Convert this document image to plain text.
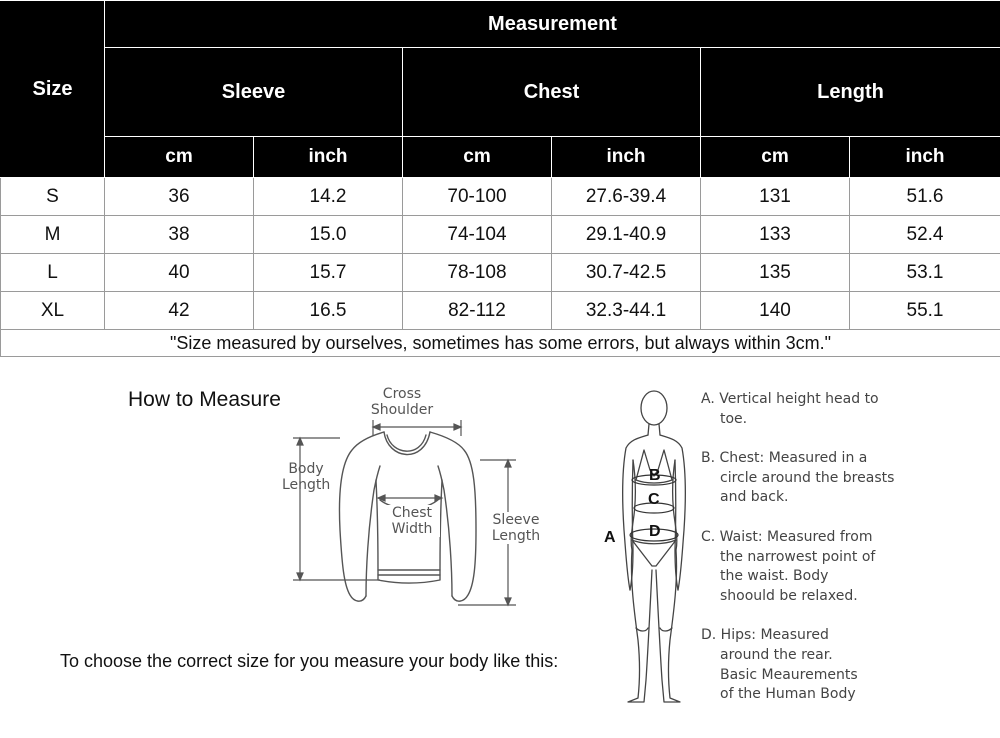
Size	Measurement					
	Sleeve		Chest		Length	
	cm	inch	cm	inch	cm	inch
S	36	14.2	70-100	27.6-39.4	131	51.6
M	38	15.0	74-104	29.1-40.9	133	52.4
L	40	15.7	78-108	30.7-42.5	135	53.1
XL	42	16.5	82-112	32.3-44.1	140	55.1
"Size measured by ourselves, sometimes has some errors, but always within 3cm."						
How to Measure
To choose the correct size for you measure your body like this:
Cross
Shoulder
Body
Length
Chest
Width
Sleeve
Length	A
B
C
D
A. Vertical height head to toe.
B. Chest: Measured in a circle around the breasts and back.
C. Waist: Measured from the narrowest point of the waist. Body shoould be relaxed.
D. Hips: Measured around the rear.
Basic Meaurements of the Human Body
